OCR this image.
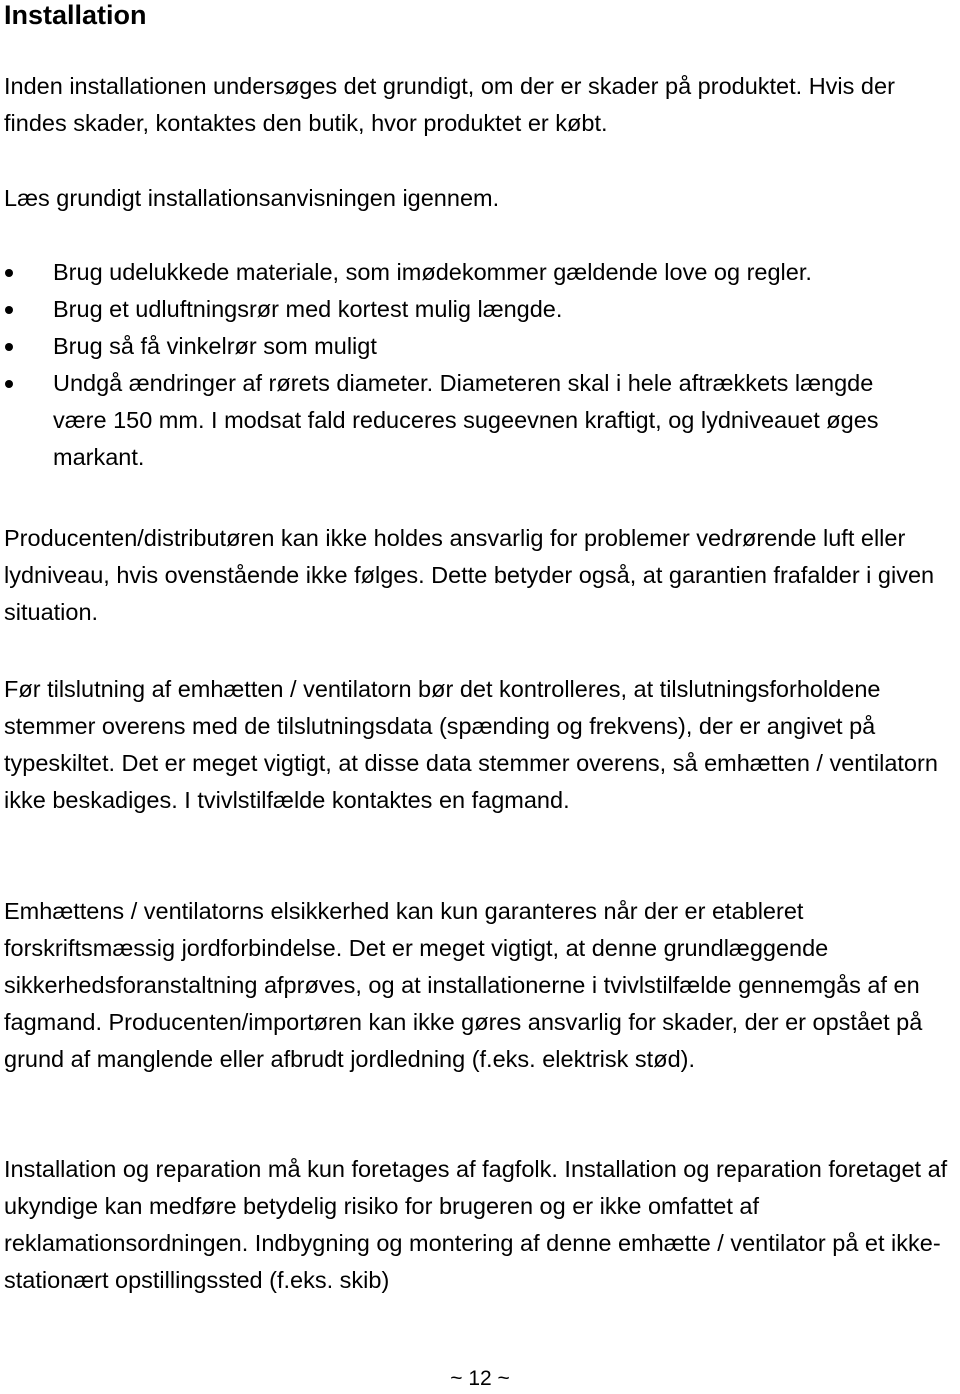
Installation

Inden installationen undersøges det grundigt, om der er skader på produktet. Hvis der findes skader, kontaktes den butik, hvor produktet er købt.

Læs grundigt installationsanvisningen igennem.

Brug udelukkede materiale, som imødekommer gældende love og regler.
Brug et udluftningsrør med kortest mulig længde.
Brug så få vinkelrør som muligt
Undgå ændringer af rørets diameter. Diameteren skal i hele aftrækkets længde være 150 mm. I modsat fald reduceres sugeevnen kraftigt, og lydniveauet øges markant.

Producenten/distributøren kan ikke holdes ansvarlig for problemer vedrørende luft eller lydniveau, hvis ovenstående ikke følges. Dette betyder også, at garantien frafalder i given situation.

Før tilslutning af emhætten / ventilatorn bør det kontrolleres, at tilslutningsforholdene stemmer overens med de tilslutningsdata (spænding og frekvens), der er angivet på typeskiltet. Det er meget vigtigt, at disse data stemmer overens, så emhætten / ventilatorn ikke beskadiges. I tvivlstilfælde kontaktes en fagmand.

Emhættens / ventilatorns elsikkerhed kan kun garanteres når der er etableret forskriftsmæssig jordforbindelse. Det er meget vigtigt, at denne grundlæggende sikkerhedsforanstaltning afprøves, og at installationerne i tvivlstilfælde gennemgås af en fagmand. Producenten/importøren kan ikke gøres ansvarlig for skader, der er opstået på grund af manglende eller afbrudt jordledning (f.eks. elektrisk stød).

Installation og reparation må kun foretages af fagfolk. Installation og reparation foretaget af ukyndige kan medføre betydelig risiko for brugeren og er ikke omfattet af reklamationsordningen. Indbygning og montering af denne emhætte / ventilator på et ikke-stationært opstillingssted (f.eks. skib)

~ 12 ~
